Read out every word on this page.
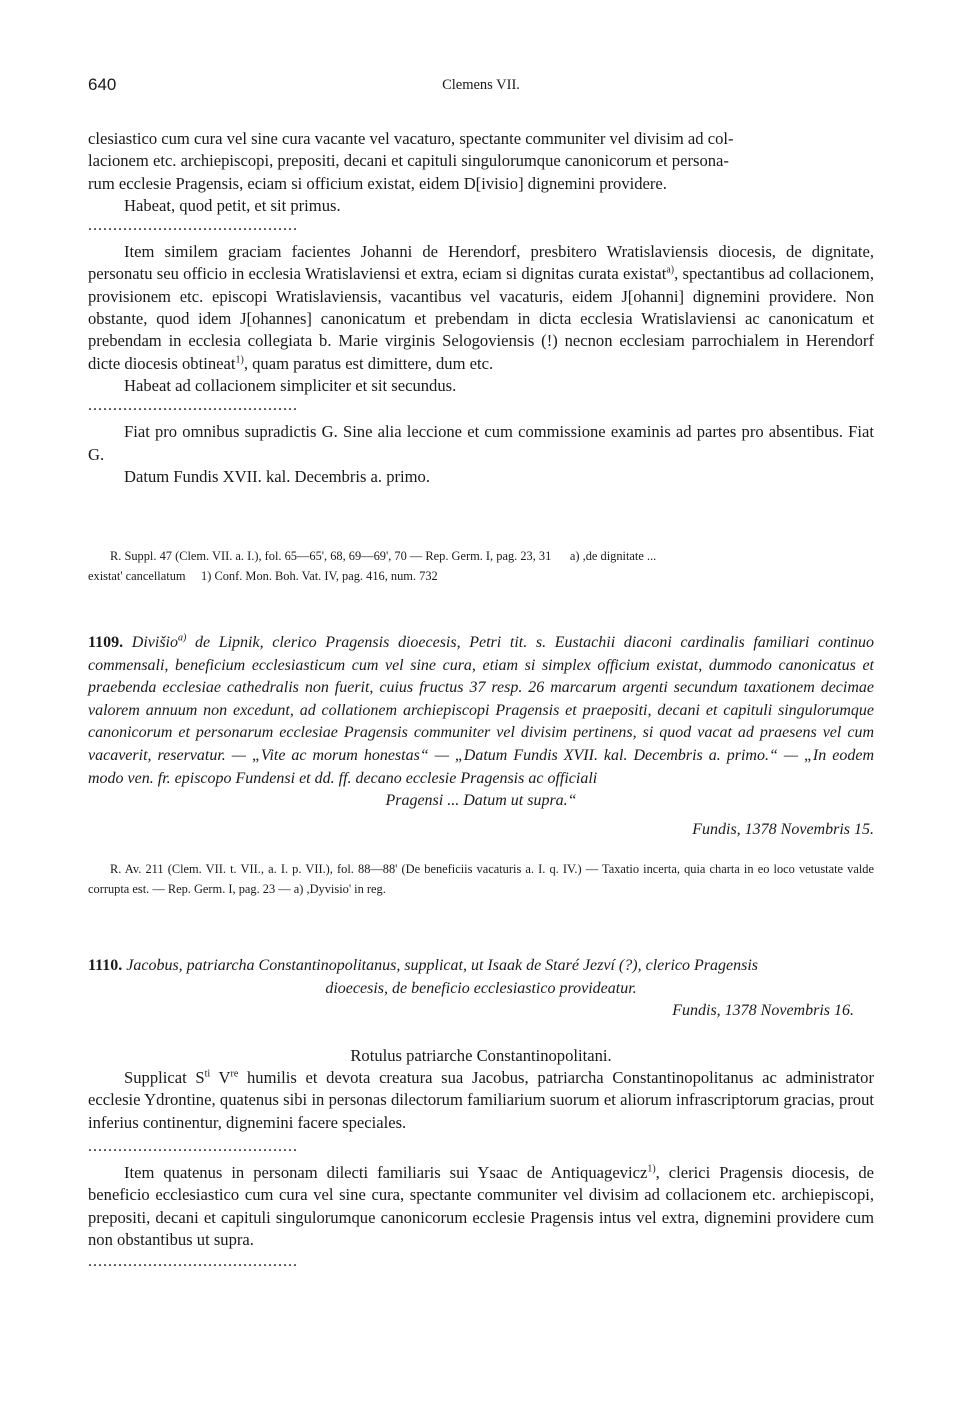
640	Clemens VII.

clesiastico cum cura vel sine cura vacante vel vacaturo, spectante communiter vel divisim ad col-

lacionem etc. archiepiscopi, prepositi, decani et capituli singulorumque canonicorum et persona-

rum ecclesie Pragensis, eciam si officium existat, eidem D[ivisio] dignemini providere.

Habeat, quod petit, et sit primus.

..........................................

Item similem graciam facientes Johanni de Herendorf, presbitero Wratislaviensis diocesis, de dignitate, personatu seu officio in ecclesia Wratislaviensi et extra, eciam si dignitas curata existat$^{a)}$, spectantibus ad collacionem, provisionem etc. episcopi Wratislaviensis, vacantibus vel vacaturis, eidem J[ohanni] dignemini providere. Non obstante, quod idem J[ohannes] canonicatum et prebendam in dicta ecclesia Wratislaviensi ac canonicatum et prebendam in ecclesia collegiata b. Marie virginis Selogoviensis (!) necnon ecclesiam parrochialem in Herendorf dicte diocesis obtineat$^{1)}$, quam paratus est dimittere, dum etc.

Habeat ad collacionem simpliciter et sit secundus.

..........................................

Fiat pro omnibus supradictis G. Sine alia leccione et cum commissione examinis ad partes pro absentibus. Fiat G.

Datum Fundis XVII. kal. Decembris a. primo.

R. Suppl. 47 (Clem. VII. a. I.), fol. 65—65', 68, 69—69', 70 — Rep. Germ. I, pag. 23, 31 a) ,de dignitate ...

existat' cancellatum 1) Conf. Mon. Boh. Vat. IV, pag. 416, num. 732

1109. Divišio$^{a)}$ de Lipnik, clerico Pragensis dioecesis, Petri tit. s. Eustachii diaconi cardinalis familiari continuo commensali, beneficium ecclesiasticum cum vel sine cura, etiam si simplex officium existat, dummodo canonicatus et praebenda ecclesiae cathedralis non fuerit, cuius fructus 37 resp. 26 marcarum argenti secundum taxationem decimae valorem annuum non excedunt, ad collationem archiepiscopi Pragensis et praepositi, decani et capituli singulorumque canonicorum et personarum ecclesiae Pragensis communiter vel divisim pertinens, si quod vacat ad praesens vel cum vacaverit, reservatur. — „Vite ac morum honestas“ — „Datum Fundis XVII. kal. Decembris a. primo.“ — „In eodem modo ven. fr. episcopo Fundensi et dd. ff. decano ecclesie Pragensis ac officiali

Pragensi ... Datum ut supra.“

Fundis, 1378 Novembris 15.

R. Av. 211 (Clem. VII. t. VII., a. I. p. VII.), fol. 88—88' (De beneficiis vacaturis a. I. q. IV.) — Taxatio incerta, quia charta in eo loco vetustate valde corrupta est. — Rep. Germ. I, pag. 23 — a) ,Dyvisio' in reg.

1110. Jacobus, patriarcha Constantinopolitanus, supplicat, ut Isaak de Staré Jezví (?), clerico Pragensis

dioecesis, de beneficio ecclesiastico provideatur.

Fundis, 1378 Novembris 16.

Rotulus patriarche Constantinopolitani.

Supplicat $S^{ti}$ Vre humilis et devota creatura sua Jacobus, patriarcha Constantinopolitanus ac administrator ecclesie Ydrontine, quatenus sibi in personas dilectorum familiarium suorum et aliorum infrascriptorum gracias, prout inferius continentur, dignemini facere speciales.

..........................................

Item quatenus in personam dilecti familiaris sui Ysaac de Antiquagevicz$^{1)}$, clerici Pragensis diocesis, de beneficio ecclesiastico cum cura vel sine cura, spectante communiter vel divisim ad collacionem etc. archiepiscopi, prepositi, decani et capituli singulorumque canonicorum ecclesie Pragensis intus vel extra, dignemini providere cum non obstantibus ut supra.

..........................................
